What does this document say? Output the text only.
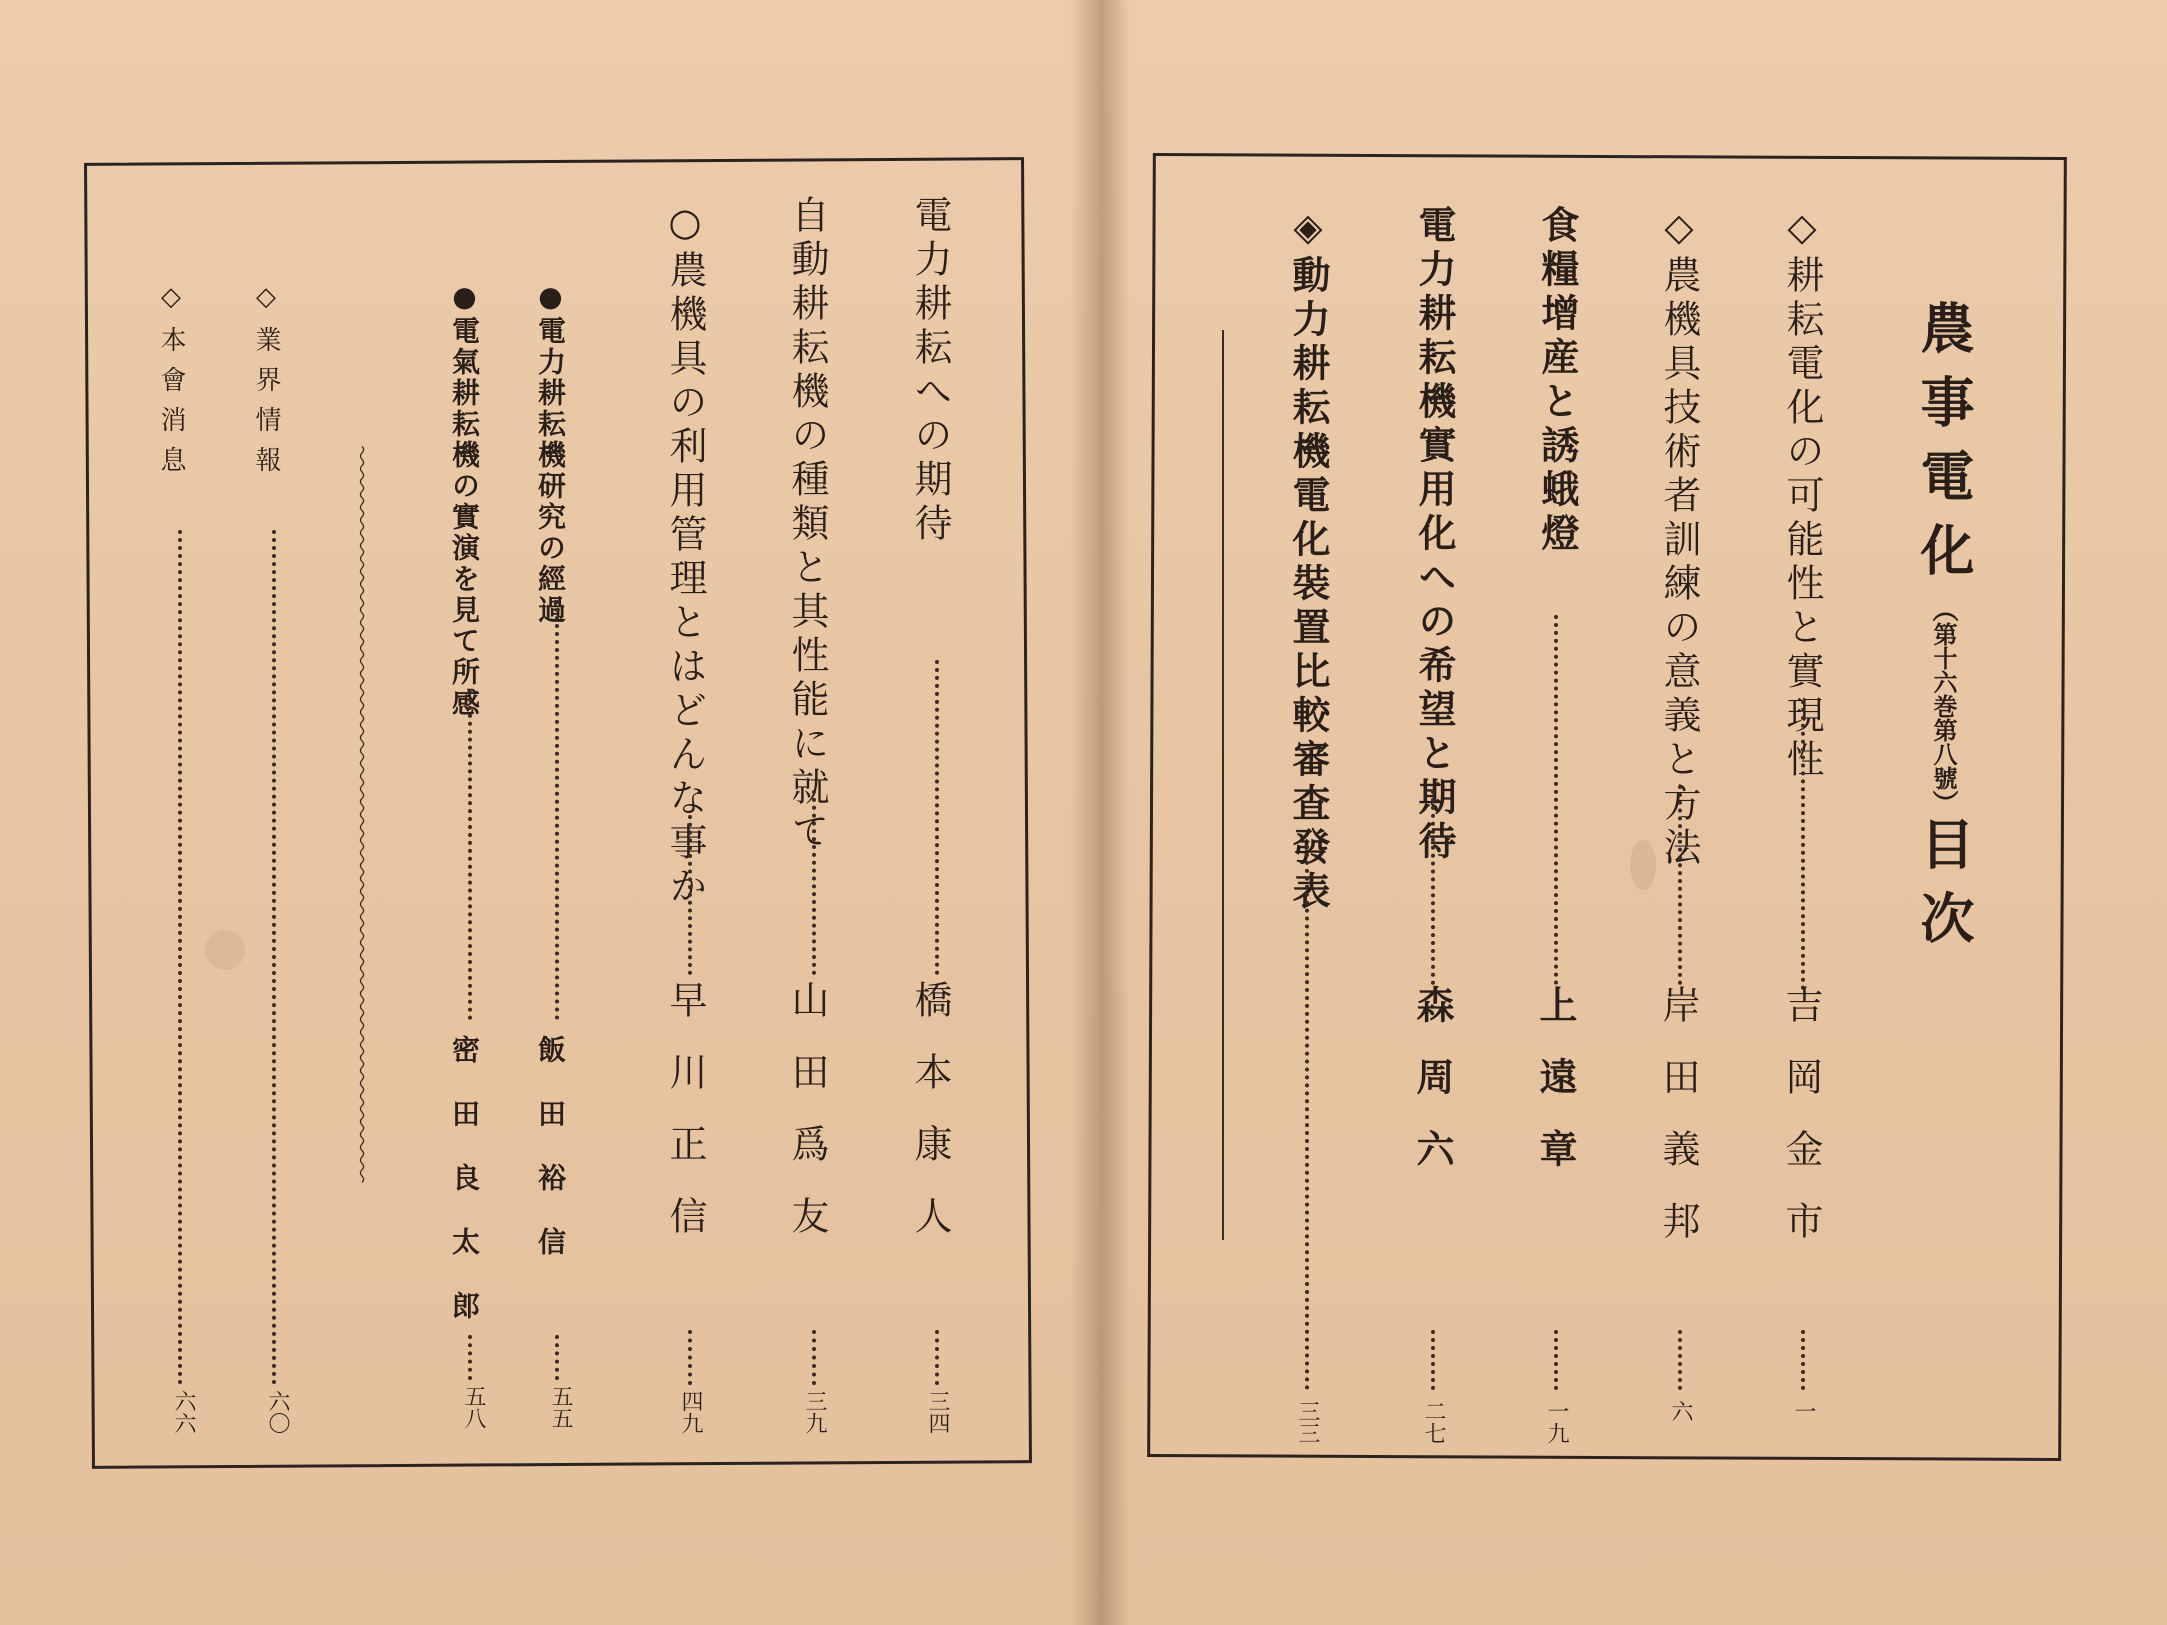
農事電化（第十六巻第八號）目次
◇耕耘電化の可能性と實現性
吉岡金市
一
◇農機具技術者訓練の意義と方法
岸田義邦
六
食糧增産と誘蛾燈
上遠章
一九
電力耕耘機實用化への希望と期待
森周六
二七
◈動力耕耘機電化裝置比較審査發表
三三
電力耕耘への期待
橋本康人
三四
自動耕耘機の種類と其性能に就て
山田爲友
三九
○農機具の利用管理とはどんな事か
早川正信
四九
●電力耕耘機研究の經過
飯田裕信
五五
●電氣耕耘機の實演を見て所感
密田良太郎
五八
◇業界情報
六〇
◇本會消息
六六
